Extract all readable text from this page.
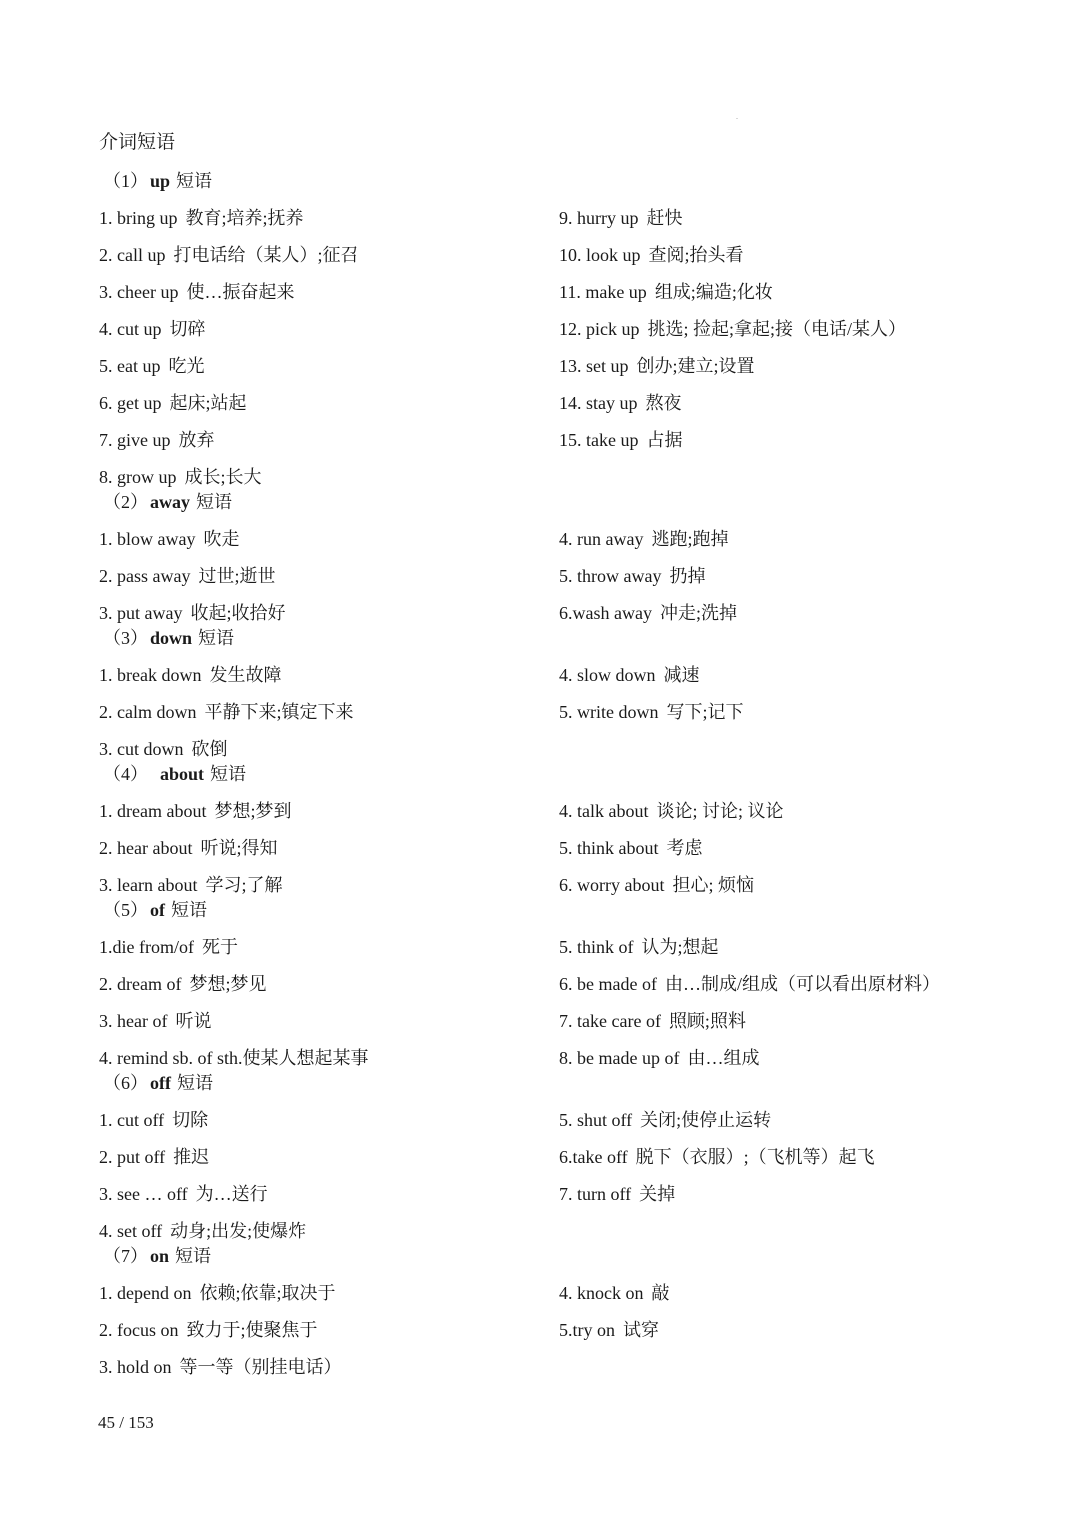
介词短语
（1） up 短语
1. bring up 教育;培养;抚养
2. call up 打电话给（某人）;征召
3. cheer up 使…振奋起来
4. cut up 切碎
5. eat up 吃光
6. get up 起床;站起
7. give up 放弃
8. grow up 成长;长大
9. hurry up 赶快
10. look up 查阅;抬头看
11. make up 组成;编造;化妆
12. pick up 挑选; 捡起;拿起;接（电话/某人）
13. set up 创办;建立;设置
14. stay up 熬夜
15. take up 占据
（2） away 短语
1. blow away 吹走
2. pass away 过世;逝世
3. put away 收起;收拾好
4. run away 逃跑;跑掉
5. throw away 扔掉
6.wash away 冲走;洗掉
（3） down 短语
1. break down 发生故障
2. calm down 平静下来;镇定下来
3. cut down 砍倒
4. slow down 减速
5. write down 写下;记下
（4） about 短语
1. dream about 梦想;梦到
2. hear about 听说;得知
3. learn about 学习;了解
4. talk about 谈论; 讨论; 议论
5. think about 考虑
6. worry about 担心; 烦恼
（5） of 短语
1.die from/of 死于
2. dream of 梦想;梦见
3. hear of 听说
4. remind sb. of sth.使某人想起某事
5. think of 认为;想起
6. be made of 由…制成/组成（可以看出原材料）
7. take care of 照顾;照料
8. be made up of 由…组成
（6） off 短语
1. cut off 切除
2. put off 推迟
3. see … off 为…送行
4. set off 动身;出发;使爆炸
5. shut off 关闭;使停止运转
6.take off 脱下（衣服）;（飞机等）起飞
7. turn off 关掉
（7） on 短语
1. depend on 依赖;依靠;取决于
2. focus on 致力于;使聚焦于
3. hold on 等一等（别挂电话）
4. knock on 敲
5.try on 试穿
45 / 153
